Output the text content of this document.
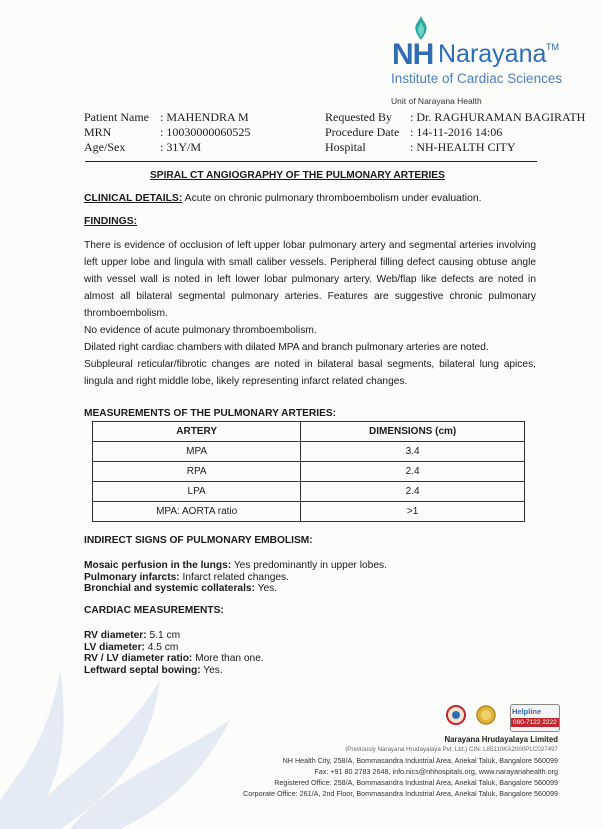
NH Narayana TM
Institute of Cardiac Sciences
Unit of Narayana Health
Patient Name : MAHENDRA M
MRN	: 10030000060525
Age/Sex	: 31Y/M
Requested By : Dr. RAGHURAMAN BAGIRATH
Procedure Date : 14-11-2016 14:06
Hospital	: NH-HEALTH CITY
SPIRAL CT ANGIOGRAPHY OF THE PULMONARY ARTERIES
CLINICAL DETAILS: Acute on chronic pulmonary thromboembolism under evaluation.
FINDINGS:

There is evidence of occlusion of left upper lobar pulmonary artery and segmental arteries involving left upper lobe and lingula with small caliber vessels. Peripheral filling defect causing obtuse angle with vessel wall is noted in left lower lobar pulmonary artery. Web/flap like defects are noted in almost all bilateral segmental pulmonary arteries. Features are suggestive chronic pulmonary thromboembolism.

No evidence of acute pulmonary thromboembolism.

Dilated right cardiac chambers with dilated MPA and branch pulmonary arteries are noted.

Subpleural reticular/fibrotic changes are noted in bilateral basal segments, bilateral lung apices, lingula and right middle lobe, likely representing infarct related changes.

MEASUREMENTS OF THE PULMONARY ARTERIES:
ARTERY	DIMENSIONS (cm)
MPA	3.4
RPA	2.4
LPA	2.4
MPA: AORTA ratio	>1
INDIRECT SIGNS OF PULMONARY EMBOLISM:
Mosaic perfusion in the lungs: Yes predominantly in upper lobes.
Pulmonary infarcts: Infarct related changes.
Bronchial and systemic collaterals: Yes.
CARDIAC MEASUREMENTS:
RV diameter: 5.1 cm
LV diameter: 4.5 cm
RV / LV diameter ratio: More than one.
Leftward septal bowing: Yes.
Helpline
080-7122 2222
Narayana Hrudayalaya Limited
(Previously Narayana Hrudayalaya Pvt. Ltd.) CIN: L85110KA2000PLC027497
NH Health City, 258/A, Bommasandra Industrial Area, Anekal Taluk, Bangalore 560099
Fax: +91 80 2783 2648, info.nics@nhhospitals.org, www.narayanahealth.org
Registered Office: 258/A, Bommasandra Industrial Area, Anekal Taluk, Bangalore 560099
Corporate Office: 261/A, 2nd Floor, Bommasandra Industrial Area, Anekal Taluk, Bangalore 560099
